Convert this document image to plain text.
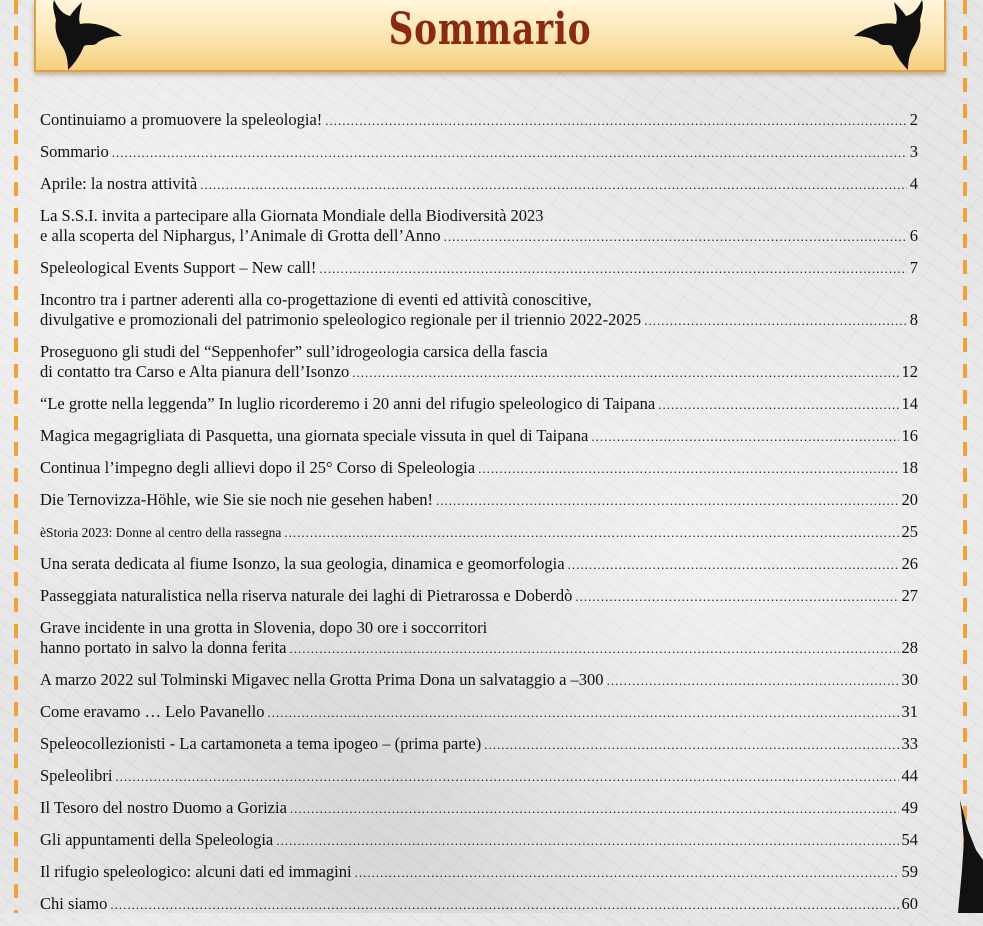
Sommario
Continuiamo a promuovere la speleologia! .....	2
Sommario .....	3
Aprile: la nostra attività .....	4
La S.S.I. invita a partecipare alla Giornata Mondiale della Biodiversità 2023
e alla scoperta del Niphargus, l’Animale di Grotta dell’Anno .....	6
Speleological Events Support – New call! .....	7
Incontro tra i partner aderenti alla co-progettazione di eventi ed attività conoscitive,
divulgative e promozionali del patrimonio speleologico regionale per il triennio 2022-2025 .....	8
Proseguono gli studi del “Seppenhofer” sull’idrogeologia carsica della fascia
di contatto tra Carso e Alta pianura dell’Isonzo .....	12
“Le grotte nella leggenda” In luglio ricorderemo i 20 anni del rifugio speleologico di Taipana .....	14
Magica megagrigliata di Pasquetta, una giornata speciale vissuta in quel di Taipana .....	16
Continua l’impegno degli allievi dopo il 25° Corso di Speleologia .....	18
Die Ternovizza-Höhle, wie Sie sie noch nie gesehen haben! .....	20
èStoria 2023: Donne al centro della rassegna .....	25
Una serata dedicata al fiume Isonzo, la sua geologia, dinamica e geomorfologia .....	26
Passeggiata naturalistica nella riserva naturale dei laghi di Pietrarossa e Doberdò .....	27
Grave incidente in una grotta in Slovenia, dopo 30 ore i soccorritori
hanno portato in salvo la donna ferita .....	28
A marzo 2022 sul Tolminski Migavec nella Grotta Prima Dona un salvataggio a –300 .....	30
Come eravamo … Lelo Pavanello .....	31
Speleocollezionisti - La cartamoneta a tema ipogeo – (prima parte) .....	33
Speleolibri .....	44
Il Tesoro del nostro Duomo a Gorizia .....	49
Gli appuntamenti della Speleologia .....	54
Il rifugio speleologico: alcuni dati ed immagini .....	59
Chi siamo .....	60
